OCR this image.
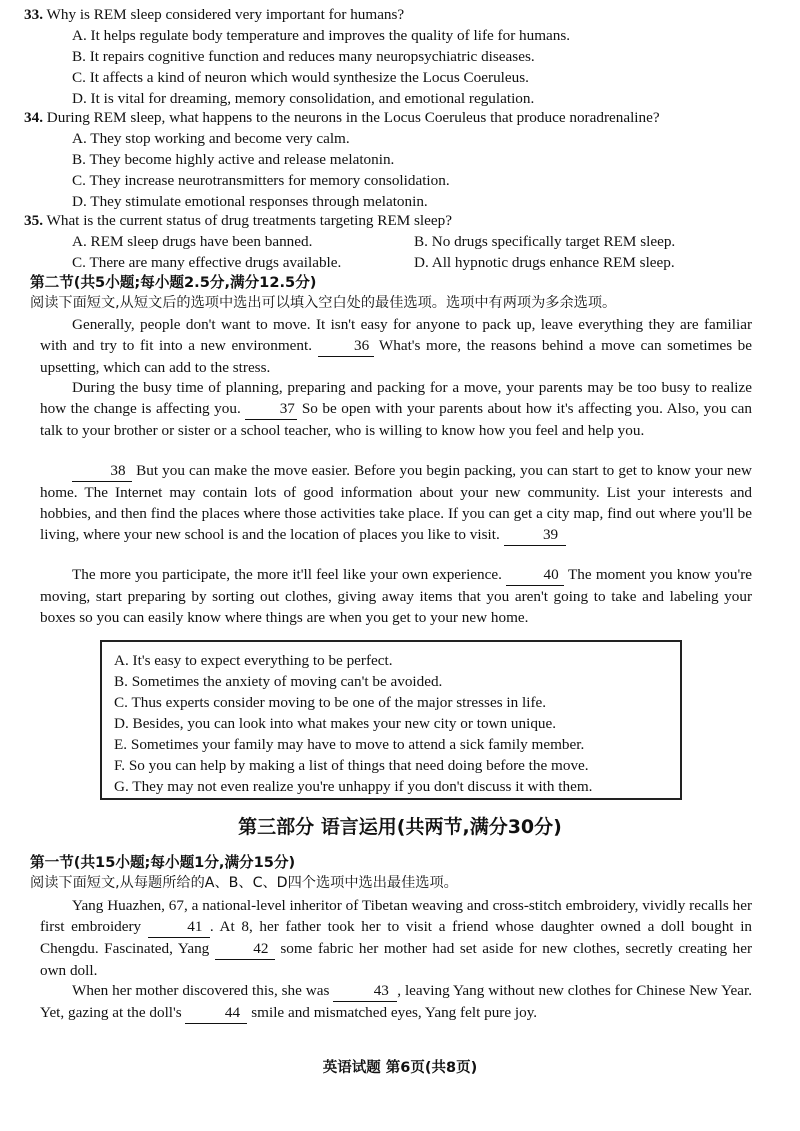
33. Why is REM sleep considered very important for humans?
A. It helps regulate body temperature and improves the quality of life for humans.
B. It repairs cognitive function and reduces many neuropsychiatric diseases.
C. It affects a kind of neuron which would synthesize the Locus Coeruleus.
D. It is vital for dreaming, memory consolidation, and emotional regulation.
34. During REM sleep, what happens to the neurons in the Locus Coeruleus that produce noradrenaline?
A. They stop working and become very calm.
B. They become highly active and release melatonin.
C. They increase neurotransmitters for memory consolidation.
D. They stimulate emotional responses through melatonin.
35. What is the current status of drug treatments targeting REM sleep?
A. REM sleep drugs have been banned.	B. No drugs specifically target REM sleep.
C. There are many effective drugs available.	D. All hypnotic drugs enhance REM sleep.
第二节(共5小题;每小题2.5分,满分12.5分)
阅读下面短文,从短文后的选项中选出可以填入空白处的最佳选项。选项中有两项为多余选项。
Generally, people don't want to move. It isn't easy for anyone to pack up, leave everything they are familiar with and try to fit into a new environment.	36 What's more, the reasons behind a move can sometimes be upsetting, which can add to the stress.
During the busy time of planning, preparing and packing for a move, your parents may be too busy to realize how the change is affecting you.	37 So be open with your parents about how it's affecting you. Also, you can talk to your brother or sister or a school teacher, who is willing to know how you feel and help you.
38 But you can make the move easier. Before you begin packing, you can start to get to know your new home. The Internet may contain lots of good information about your new community. List your interests and hobbies, and then find the places where those activities take place. If you can get a city map, find out where you'll be living, where your new school is and the location of places you like to visit.	39
The more you participate, the more it'll feel like your own experience.	40 The moment you know you're moving, start preparing by sorting out clothes, giving away items that you aren't going to take and labeling your boxes so you can easily know where things are when you get to your new home.
A. It's easy to expect everything to be perfect.
B. Sometimes the anxiety of moving can't be avoided.
C. Thus experts consider moving to be one of the major stresses in life.
D. Besides, you can look into what makes your new city or town unique.
E. Sometimes your family may have to move to attend a sick family member.
F. So you can help by making a list of things that need doing before the move.
G. They may not even realize you're unhappy if you don't discuss it with them.
第三部分 语言运用(共两节,满分30分)
第一节(共15小题;每小题1分,满分15分)
阅读下面短文,从每题所给的A、B、C、D四个选项中选出最佳选项。
Yang Huazhen, 67, a national-level inheritor of Tibetan weaving and cross-stitch embroidery, vividly recalls her first embroidery	41 . At 8, her father took her to visit a friend whose daughter owned a doll bought in Chengdu. Fascinated, Yang	42 some fabric her mother had set aside for new clothes, secretly creating her own doll.
When her mother discovered this, she was	43 , leaving Yang without new clothes for Chinese New Year. Yet, gazing at the doll's	44 smile and mismatched eyes, Yang felt pure joy.
英语试题 第6页(共8页)
